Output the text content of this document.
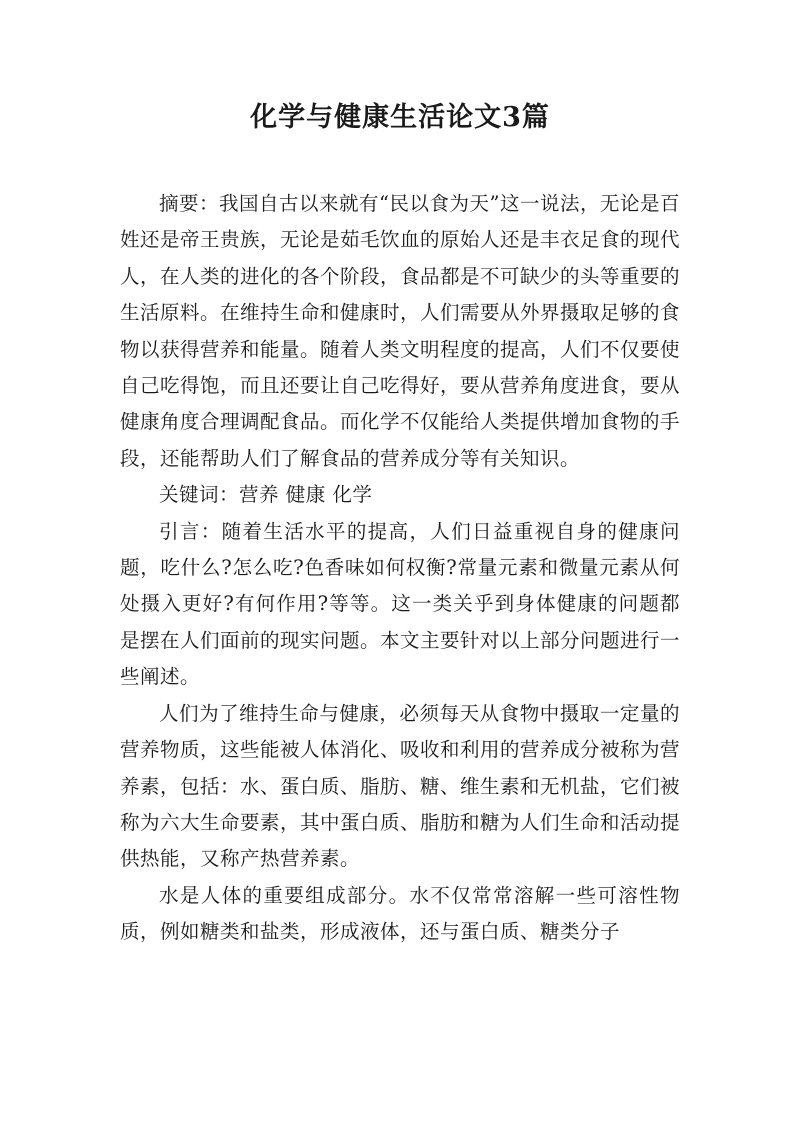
化学与健康生活论文3篇

摘要：我国自古以来就有“民以食为天”这一说法，无论是百姓还是帝王贵族，无论是茹毛饮血的原始人还是丰衣足食的现代人，在人类的进化的各个阶段，食品都是不可缺少的头等重要的生活原料。在维持生命和健康时，人们需要从外界摄取足够的食物以获得营养和能量。随着人类文明程度的提高，人们不仅要使自己吃得饱，而且还要让自己吃得好，要从营养角度进食，要从健康角度合理调配食品。而化学不仅能给人类提供增加食物的手段，还能帮助人们了解食品的营养成分等有关知识。

关键词：营养 健康 化学

引言：随着生活水平的提高，人们日益重视自身的健康问题，吃什么?怎么吃?色香味如何权衡?常量元素和微量元素从何处摄入更好?有何作用?等等。这一类关乎到身体健康的问题都是摆在人们面前的现实问题。本文主要针对以上部分问题进行一些阐述。

人们为了维持生命与健康，必须每天从食物中摄取一定量的营养物质，这些能被人体消化、吸收和利用的营养成分被称为营养素，包括：水、蛋白质、脂肪、糖、维生素和无机盐，它们被称为六大生命要素，其中蛋白质、脂肪和糖为人们生命和活动提供热能，又称产热营养素。

水是人体的重要组成部分。水不仅常常溶解一些可溶性物质，例如糖类和盐类，形成液体，还与蛋白质、糖类分子
